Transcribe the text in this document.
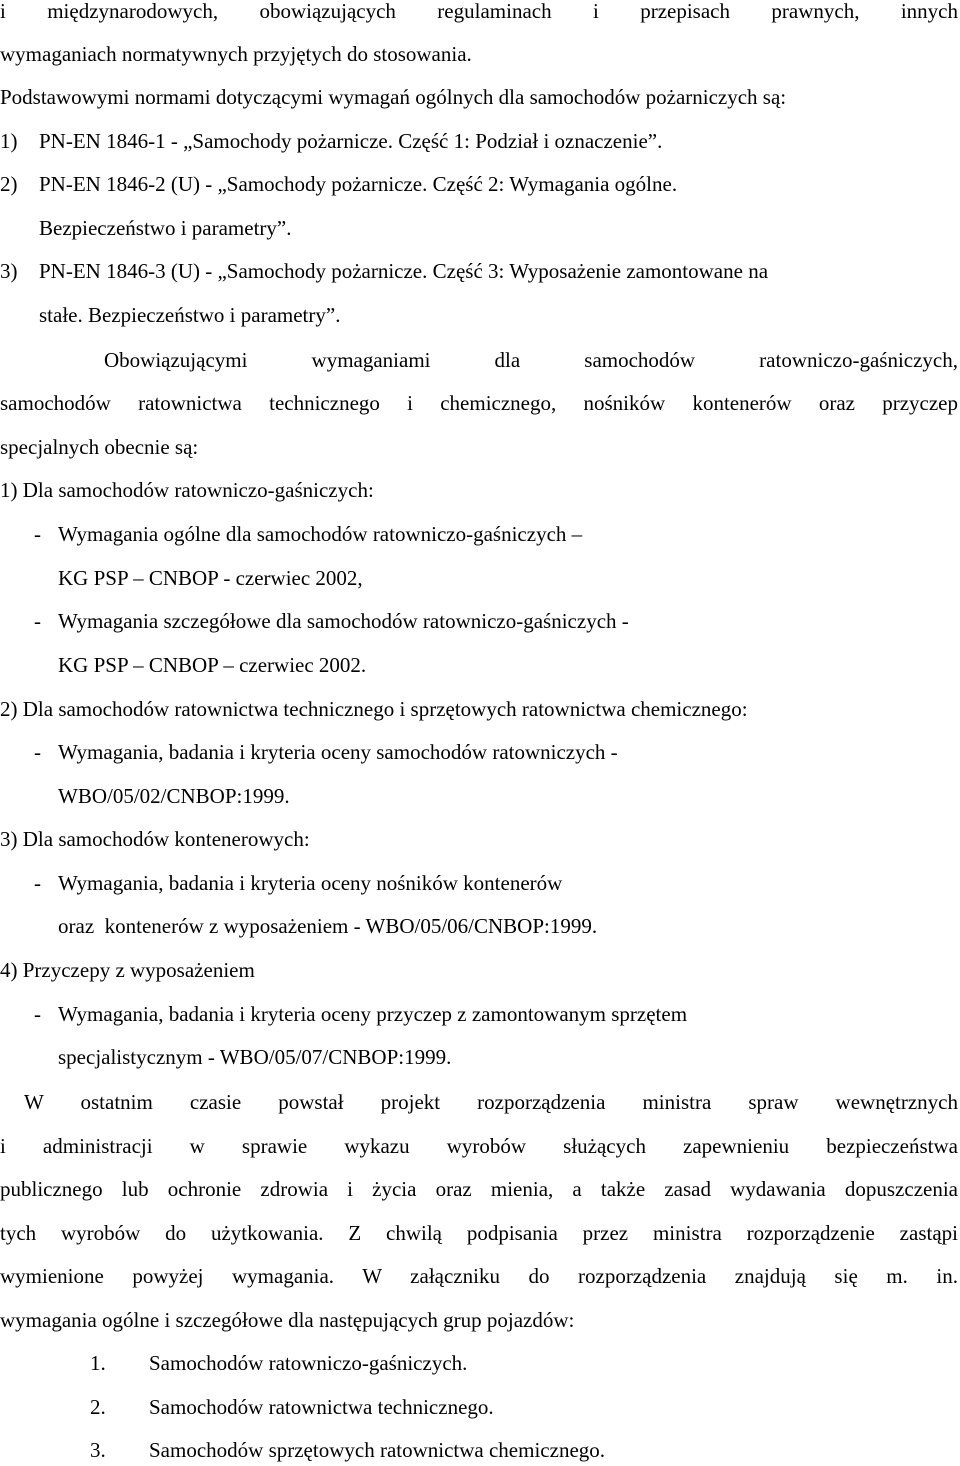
i międzynarodowych, obowiązujących regulaminach i przepisach prawnych, innych
wymaganiach normatywnych przyjętych do stosowania.
Podstawowymi normami dotyczącymi wymagań ogólnych dla samochodów pożarniczych są:
1) PN-EN 1846-1 - „Samochody pożarnicze. Część 1: Podział i oznaczenie”.
2) PN-EN 1846-2 (U) - „Samochody pożarnicze. Część 2: Wymagania ogólne.
Bezpieczeństwo i parametry”.
3) PN-EN 1846-3 (U) - „Samochody pożarnicze. Część 3: Wyposażenie zamontowane na
stałe. Bezpieczeństwo i parametry”.
Obowiązującymi wymaganiami dla samochodów ratowniczo-gaśniczych,
samochodów ratownictwa technicznego i chemicznego, nośników kontenerów oraz przyczep
specjalnych obecnie są:
1) Dla samochodów ratowniczo-gaśniczych:
- Wymagania ogólne dla samochodów ratowniczo-gaśniczych –
KG PSP – CNBOP - czerwiec 2002,
- Wymagania szczegółowe dla samochodów ratowniczo-gaśniczych -
KG PSP – CNBOP – czerwiec 2002.
2) Dla samochodów ratownictwa technicznego i sprzętowych ratownictwa chemicznego:
- Wymagania, badania i kryteria oceny samochodów ratowniczych -
WBO/05/02/CNBOP:1999.
3) Dla samochodów kontenerowych:
- Wymagania, badania i kryteria oceny nośników kontenerów
oraz  kontenerów z wyposażeniem - WBO/05/06/CNBOP:1999.
4) Przyczepy z wyposażeniem
- Wymagania, badania i kryteria oceny przyczep z zamontowanym sprzętem
specjalistycznym - WBO/05/07/CNBOP:1999.
W ostatnim czasie powstał projekt rozporządzenia ministra spraw wewnętrznych
i administracji w sprawie wykazu wyrobów służących zapewnieniu bezpieczeństwa
publicznego lub ochronie zdrowia i życia oraz mienia, a także zasad wydawania dopuszczenia
tych wyrobów do użytkowania. Z chwilą podpisania przez ministra rozporządzenie zastąpi
wymienione powyżej wymagania. W załączniku do rozporządzenia znajdują się m. in.
wymagania ogólne i szczegółowe dla następujących grup pojazdów:
1. Samochodów ratowniczo-gaśniczych.
2. Samochodów ratownictwa technicznego.
3. Samochodów sprzętowych ratownictwa chemicznego.
